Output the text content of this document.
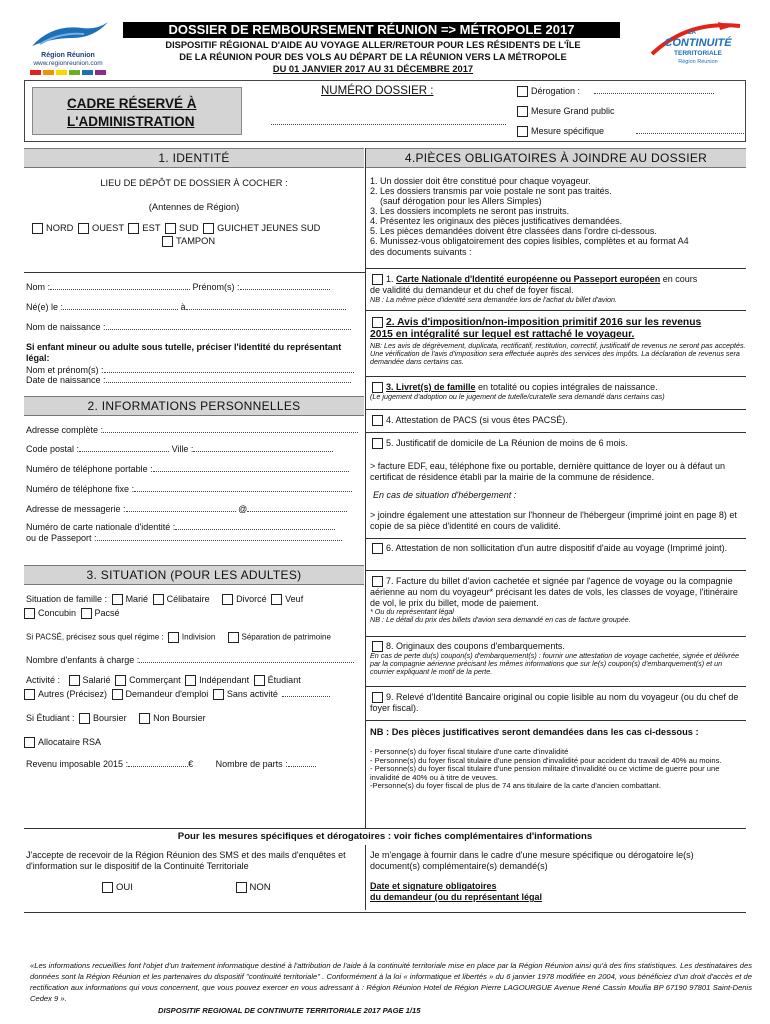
Région Réunion
www.regionreunion.com
DOSSIER DE REMBOURSEMENT RÉUNION => MÉTROPOLE 2017
DISPOSITIF RÉGIONAL D'AIDE AU VOYAGE ALLER/RETOUR POUR LES RÉSIDENTS DE L'ÎLE
DE LA RÉUNION POUR DES VOLS AU DÉPART DE LA RÉUNION VERS LA MÉTROPOLE
DU 01 JANVIER 2017 AU 31 DÉCEMBRE 2017
LA
CONTINUITÉ
TERRITORIALE
Région Réunion
CADRE RÉSERVÉ À
L'ADMINISTRATION
NUMÉRO DOSSIER :	Dérogation :
Mesure Grand public
Mesure spécifique
1. IDENTITÉ	4.PIÈCES OBLIGATOIRES À JOINDRE AU DOSSIER
LIEU DE DÉPÔT DE DOSSIER À COCHER :
(Antennes de Région)
NORD OUEST EST SUD GUICHET JEUNES SUD
TAMPON
Nom :	Prénom(s) :
Né(e) le :	à
Nom de naissance :
Si enfant mineur ou adulte sous tutelle, préciser l'identité du représentant légal:
Nom et prénom(s) :
Date de naissance :
2. INFORMATIONS PERSONNELLES
Adresse complète :
Code postal :	Ville :
Numéro de téléphone portable :
Numéro de téléphone fixe :
Adresse de messagerie :	@
Numéro de carte nationale d'identité :
ou de Passeport :
3. SITUATION (POUR LES ADULTES)
Situation de famille : Marié Célibataire	Divorcé Veuf
Concubin Pacsé
Si PACSÉ, précisez sous quel régime : Indivision	Séparation de patrimoine
Nombre d'enfants à charge :
Activité :	Salarié Commerçant Indépendant Étudiant
Autres (Précisez) Demandeur d'emploi Sans activité
Si Étudiant : Boursier	Non Boursier
Allocataire RSA
Revenu imposable 2015 :	€	Nombre de parts :
1. Un dossier doit être constitué pour chaque voyageur.
2. Les dossiers transmis par voie postale ne sont pas traités.
(sauf dérogation pour les Allers Simples)
3. Les dossiers incomplets ne seront pas instruits.
4. Présentez les originaux des pièces justificatives demandées.
5. Les pièces demandées doivent être classées dans l'ordre ci-dessous.
6. Munissez-vous obligatoirement des copies lisibles, complètes et au format A4
des documents suivants :
1. Carte Nationale d'Identité européenne ou Passeport européen en cours
de validité du demandeur et du chef de foyer fiscal.
NB : La même pièce d'identité sera demandée lors de l'achat du billet d'avion.
2. Avis d'imposition/non-imposition primitif 2016 sur les revenus
2015 en intégralité sur lequel est rattaché le voyageur.
NB: Les avis de dégrèvement, duplicata, rectificatif, restitution, correctif, justificatif de revenus ne seront pas acceptés. Une vérification de l'avis d'imposition sera effectuée auprès des services des impôts. La déclaration de revenus sera demandée dans certains cas.
3. Livret(s) de famille en totalité ou copies intégrales de naissance.
(Le jugement d'adoption ou le jugement de tutelle/curatelle sera demandé dans certains cas)
4. Attestation de PACS (si vous êtes PACSÉ).
5. Justificatif de domicile de La Réunion de moins de 6 mois.
> facture EDF, eau, téléphone fixe ou portable, dernière quittance de loyer ou à défaut un certificat de résidence établi par la mairie de la commune de résidence.
En cas de situation d'hébergement :
> joindre également une attestation sur l'honneur de l'hébergeur (imprimé joint en page 8) et copie de sa pièce d'identité en cours de validité.
6. Attestation de non sollicitation d'un autre dispositif d'aide au voyage (Imprimé joint).
7. Facture du billet d'avion cachetée et signée par l'agence de voyage ou la compagnie aérienne au nom du voyageur* précisant les dates de vols, les classes de voyage, l'itinéraire de vol, le prix du billet, mode de paiement.
* Ou du représentant légal
NB : Le détail du prix des billets d'avion sera demandé en cas de facture groupée.
8. Originaux des coupons d'embarquements.
En cas de perte du(s) coupon(s) d'embarquement(s) : fournir une attestation de voyage cachetée, signée et délivrée par la compagnie aérienne précisant les mêmes informations que sur le(s) coupon(s) d'embarquement(s) et un courrier expliquant le motif de la perte.
9. Relevé d'Identité Bancaire original ou copie lisible au nom du voyageur (ou du chef de foyer fiscal).
NB : Des pièces justificatives seront demandées dans les cas ci-dessous :
- Personne(s) du foyer fiscal titulaire d'une carte d'invalidité
- Personne(s) du foyer fiscal titulaire d'une pension d'invalidité pour accident du travail de 40% au moins.
- Personne(s) du foyer fiscal titulaire d'une pension militaire d'invalidité ou ce victime de guerre pour une invalidité de 40% ou à titre de veuves.
-Personne(s) du foyer fiscal de plus de 74 ans titulaire de la carte d'ancien combattant.
Pour les mesures spécifiques et dérogatoires : voir fiches complémentaires d'informations
J'accepte de recevoir de la Région Réunion des SMS et des mails d'enquêtes et d'information sur le dispositif de la Continuité Territoriale
OUI	NON
Je m'engage à fournir dans le cadre d'une mesure spécifique ou dérogatoire le(s) document(s) complémentaire(s) demandé(s)
Date et signature obligatoires
du demandeur (ou du représentant légal
«Les informations recueillies font l'objet d'un traitement informatique destiné à l'attribution de l'aide à la continuité territoriale mise en place par la Région Réunion ainsi qu'à des fins statistiques. Les destinataires des données sont la Région Réunion et les partenaires du dispositif "continuité territoriale" . Conformément à la loi « informatique et libertés » du 6 janvier 1978 modifiée en 2004, vous bénéficiez d'un droit d'accès et de rectification aux informations qui vous concernent, que vous pouvez exercer en vous adressant à : Région Réunion Hotel de Région Pierre LAGOURGUE Avenue René Cassin Moufia BP 67190 97801 Saint-Denis Cedex 9 ».
DISPOSITIF REGIONAL DE CONTINUITE TERRITORIALE 2017 PAGE 1/15
